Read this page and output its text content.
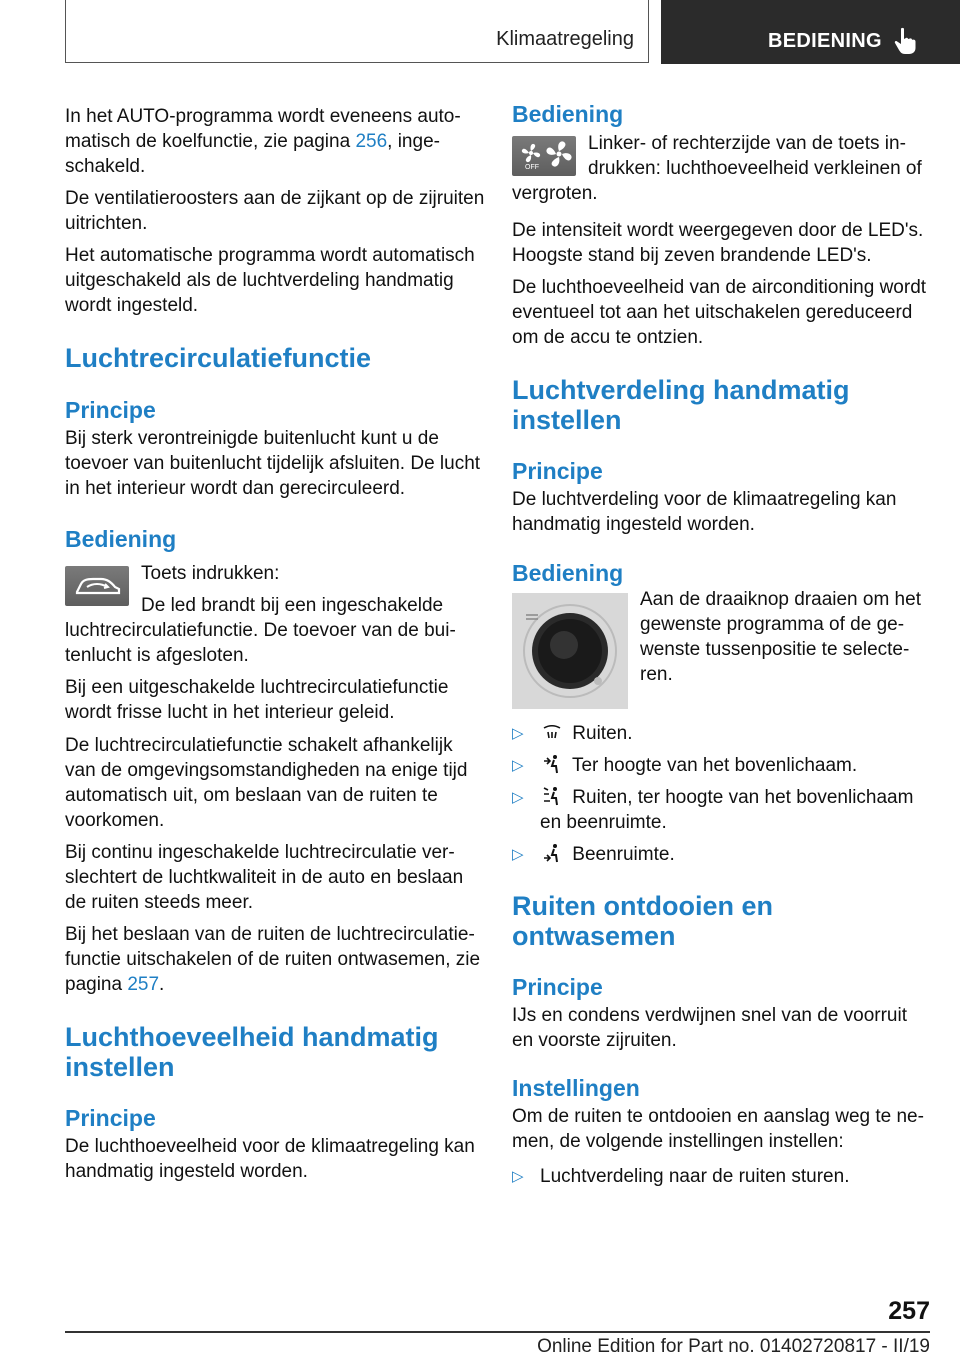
Klimaatregeling	BEDIENING

In het AUTO-programma wordt eveneens automatisch de koelfunctie, zie pagina 256, ingeschakeld.

De ventilatieroosters aan de zijkant op de zijruiten uitrichten.

Het automatische programma wordt automatisch uitgeschakeld als de luchtverdeling handmatig wordt ingesteld.

Luchtrecirculatiefunctie
Principe

Bij sterk verontreinigde buitenlucht kunt u de toevoer van buitenlucht tijdelijk afsluiten. De lucht in het interieur wordt dan gerecirculeerd.

Bediening

Toets indrukken:

De led brandt bij een ingeschakelde luchtrecirculatiefunctie. De toevoer van de buitenlucht is afgesloten.

Bij een uitgeschakelde luchtrecirculatiefunctie wordt frisse lucht in het interieur geleid.

De luchtrecirculatiefunctie schakelt afhankelijk van de omgevingsomstandigheden na enige tijd automatisch uit, om beslaan van de ruiten te voorkomen.

Bij continu ingeschakelde luchtrecirculatie verslechtert de luchtkwaliteit in de auto en beslaan de ruiten steeds meer.

Bij het beslaan van de ruiten de luchtrecirculatiefunctie uitschakelen of de ruiten ontwasemen, zie pagina 257.

Luchthoeveelheid handmatig instellen
Principe

De luchthoeveelheid voor de klimaatregeling kan handmatig ingesteld worden.

Bediening
OFF

Linker- of rechterzijde van de toets indrukken: luchthoeveelheid verkleinen of vergroten.

De intensiteit wordt weergegeven door de LED's. Hoogste stand bij zeven brandende LED's.

De luchthoeveelheid van de airconditioning wordt eventueel tot aan het uitschakelen gereduceerd om de accu te ontzien.

Luchtverdeling handmatig instellen
Principe

De luchtverdeling voor de klimaatregeling kan handmatig ingesteld worden.

Bediening

Aan de draaiknop draaien om het gewenste programma of de gewenste tussenpositie te selecteren.

▷	Ruiten.
▷	Ter hoogte van het bovenlichaam.
▷	Ruiten, ter hoogte van het bovenlichaam en beenruimte.
▷	Beenruimte.
Ruiten ontdooien en ontwasemen
Principe

IJs en condens verdwijnen snel van de voorruit en voorste zijruiten.

Instellingen

Om de ruiten te ontdooien en aanslag weg te nemen, de volgende instellingen instellen:

▷ Luchtverdeling naar de ruiten sturen.
257
Online Edition for Part no. 01402720817 - II/19
